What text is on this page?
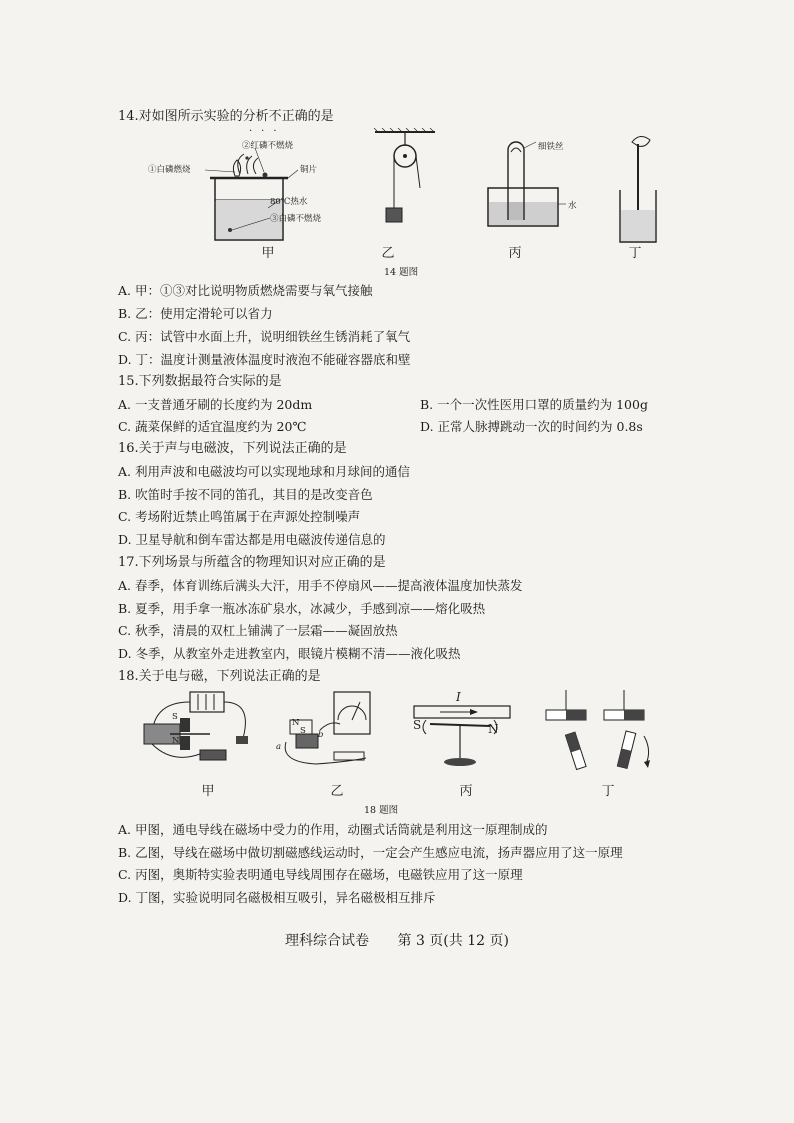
14.对如图所示实验的分析不正确的是
···
②红磷不燃烧
①白磷燃烧	铜片
80℃热水
③白磷不燃烧
细铁丝
水
甲	乙	丙	丁
14 题图
A. 甲：①③对比说明物质燃烧需要与氧气接触
B. 乙：使用定滑轮可以省力
C. 丙：试管中水面上升，说明细铁丝生锈消耗了氧气
D. 丁：温度计测量液体温度时液泡不能碰容器底和壁
15.下列数据最符合实际的是
A. 一支普通牙刷的长度约为 20dm	B. 一个一次性医用口罩的质量约为 100g
C. 蔬菜保鲜的适宜温度约为 20℃	D. 正常人脉搏跳动一次的时间约为 0.8s
16.关于声与电磁波，下列说法正确的是
A. 利用声波和电磁波均可以实现地球和月球间的通信
B. 吹笛时手按不同的笛孔，其目的是改变音色
C. 考场附近禁止鸣笛属于在声源处控制噪声
D. 卫星导航和倒车雷达都是用电磁波传递信息的
17.下列场景与所蕴含的物理知识对应正确的是
A. 春季，体育训练后满头大汗，用手不停扇风——提高液体温度加快蒸发
B. 夏季，用手拿一瓶冰冻矿泉水，冰减少，手感到凉——熔化吸热
C. 秋季，清晨的双杠上铺满了一层霜——凝固放热
D. 冬季，从教室外走进教室内，眼镜片模糊不清——液化吸热
18.关于电与磁，下列说法正确的是
S
N
N
S
a
b
I
S	N
甲	乙	丙	丁
18 题图
A. 甲图，通电导线在磁场中受力的作用，动圈式话筒就是利用这一原理制成的
B. 乙图，导线在磁场中做切割磁感线运动时，一定会产生感应电流，扬声器应用了这一原理
C. 丙图，奥斯特实验表明通电导线周围存在磁场，电磁铁应用了这一原理
D. 丁图，实验说明同名磁极相互吸引，异名磁极相互排斥
理科综合试卷 第 3 页(共 12 页)
